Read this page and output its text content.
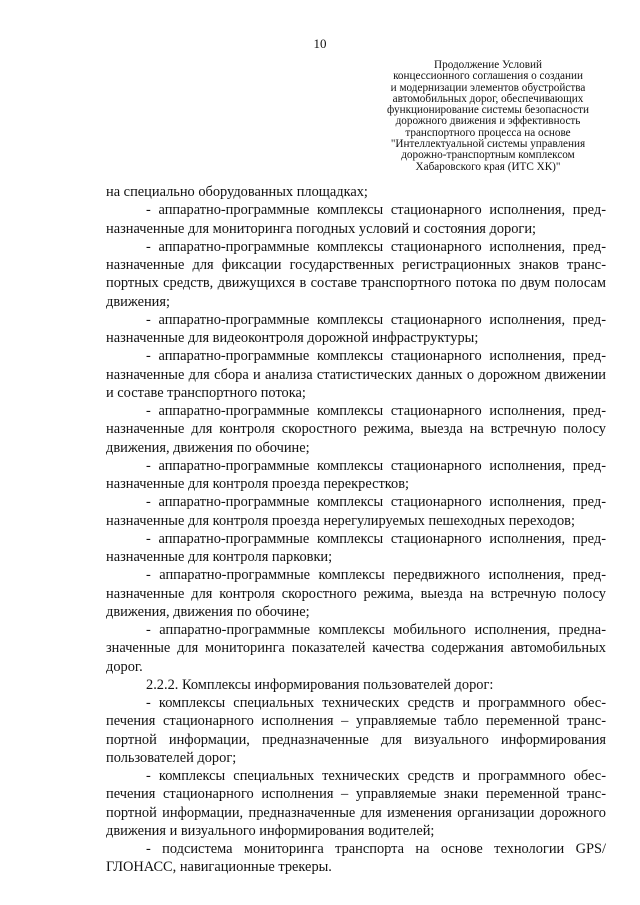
10
Продолжение Условий
концессионного соглашения о создании
и модернизации элементов обустройства
автомобильных дорог, обеспечивающих
функционирование системы безопасности
дорожного движения и эффективность
транспортного процесса на основе
"Интеллектуальной системы управления
дорожно-транспортным комплексом
Хабаровского края (ИТС ХК)"

на специально оборудованных площадках;

- аппаратно-программные комплексы стационарного исполнения, предназначенные для мониторинга погодных условий и состояния дороги;

- аппаратно-программные комплексы стационарного исполнения, предназначенные для фиксации государственных регистрационных знаков транспортных средств, движущихся в составе транспортного потока по двум полосам движения;

- аппаратно-программные комплексы стационарного исполнения, предназначенные для видеоконтроля дорожной инфраструктуры;

- аппаратно-программные комплексы стационарного исполнения, предназначенные для сбора и анализа статистических данных о дорожном движении и составе транспортного потока;

- аппаратно-программные комплексы стационарного исполнения, предназначенные для контроля скоростного режима, выезда на встречную полосу движения, движения по обочине;

- аппаратно-программные комплексы стационарного исполнения, предназначенные для контроля проезда перекрестков;

- аппаратно-программные комплексы стационарного исполнения, предназначенные для контроля проезда нерегулируемых пешеходных переходов;

- аппаратно-программные комплексы стационарного исполнения, предназначенные для контроля парковки;

- аппаратно-программные комплексы передвижного исполнения, предназначенные для контроля скоростного режима, выезда на встречную полосу движения, движения по обочине;

- аппаратно-программные комплексы мобильного исполнения, предназначенные для мониторинга показателей качества содержания автомобильных дорог.

2.2.2. Комплексы информирования пользователей дорог:

- комплексы специальных технических средств и программного обеспечения стационарного исполнения – управляемые табло переменной транспортной информации, предназначенные для визуального информирования пользователей дорог;

- комплексы специальных технических средств и программного обеспечения стационарного исполнения – управляемые знаки переменной транспортной информации, предназначенные для изменения организации дорожного движения и визуального информирования водителей;

- подсистема мониторинга транспорта на основе технологии GPS/ ГЛОНАСС, навигационные трекеры.
